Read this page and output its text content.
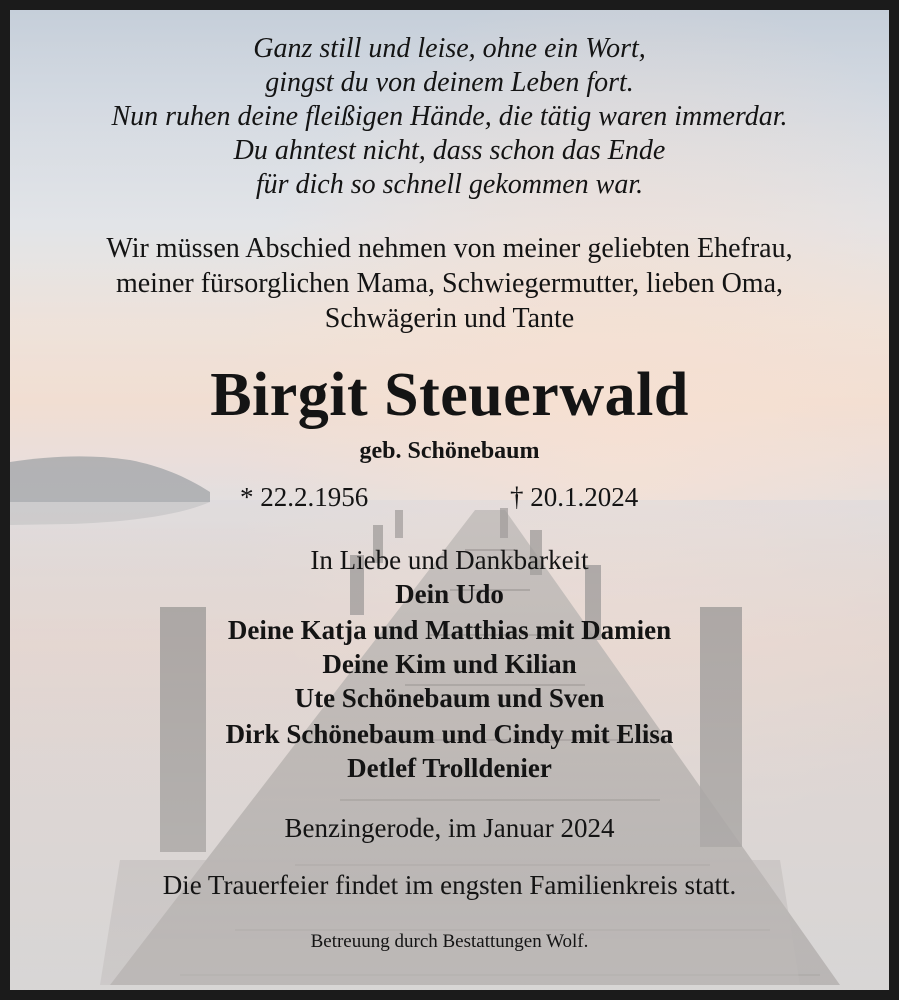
Ganz still und leise, ohne ein Wort,
gingst du von deinem Leben fort.
Nun ruhen deine fleißigen Hände, die tätig waren immerdar.
Du ahntest nicht, dass schon das Ende
für dich so schnell gekommen war.
Wir müssen Abschied nehmen von meiner geliebten Ehefrau,
meiner fürsorglichen Mama, Schwiegermutter, lieben Oma,
Schwägerin und Tante
Birgit Steuerwald
geb. Schönebaum
* 22.2.1956	† 20.1.2024
In Liebe und Dankbarkeit
Dein Udo
Deine Katja und Matthias mit Damien
Deine Kim und Kilian
Ute Schönebaum und Sven
Dirk Schönebaum und Cindy mit Elisa
Detlef Trolldenier
Benzingerode, im Januar 2024
Die Trauerfeier findet im engsten Familienkreis statt.
Betreuung durch Bestattungen Wolf.
